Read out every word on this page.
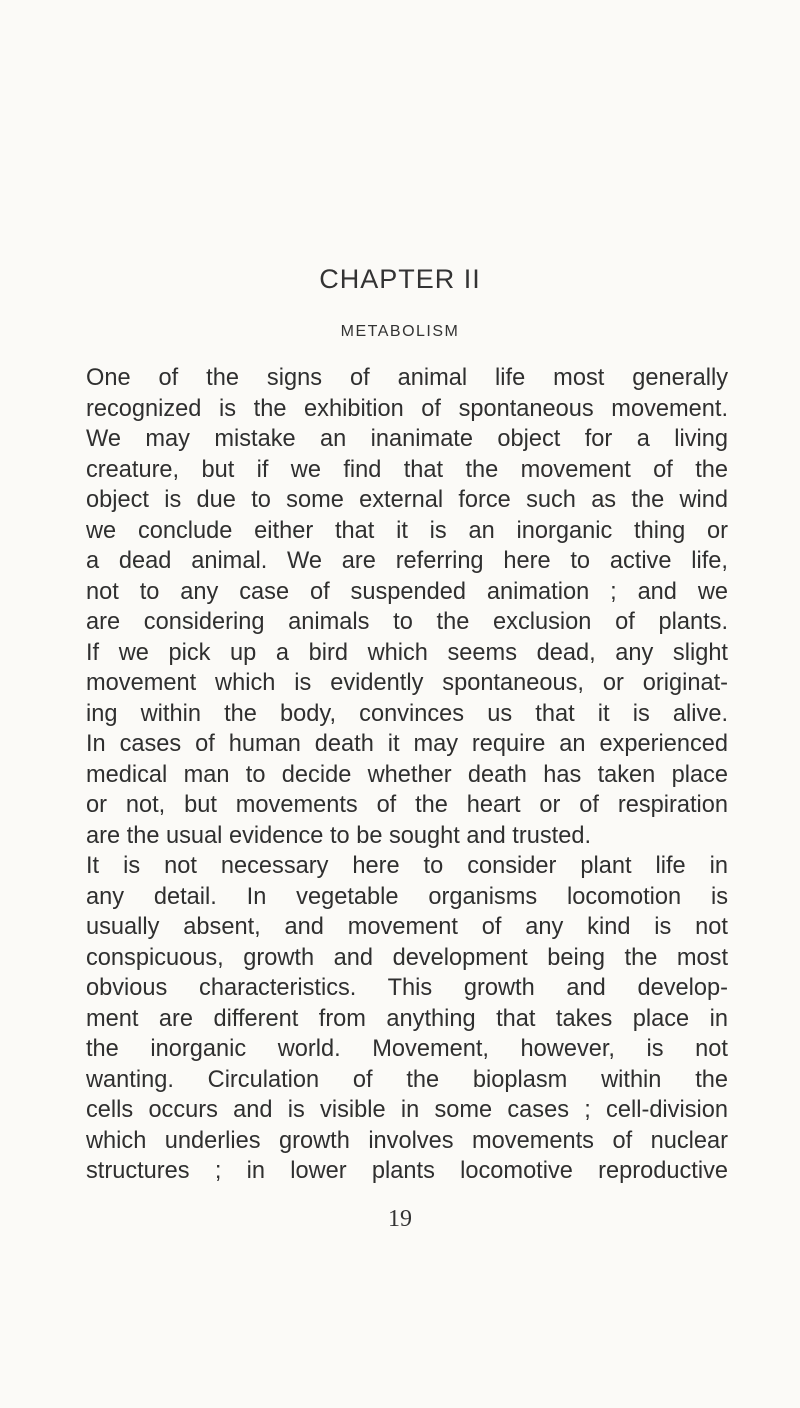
CHAPTER II
METABOLISM
One of the signs of animal life most generally
recognized is the exhibition of spontaneous movement.
We may mistake an inanimate object for a living
creature, but if we find that the movement of the
object is due to some external force such as the wind
we conclude either that it is an inorganic thing or
a dead animal. We are referring here to active life,
not to any case of suspended animation ; and we
are considering animals to the exclusion of plants.
If we pick up a bird which seems dead, any slight
movement which is evidently spontaneous, or originat-
ing within the body, convinces us that it is alive.
In cases of human death it may require an experienced
medical man to decide whether death has taken place
or not, but movements of the heart or of respiration
are the usual evidence to be sought and trusted.
It is not necessary here to consider plant life in
any detail. In vegetable organisms locomotion is
usually absent, and movement of any kind is not
conspicuous, growth and development being the most
obvious characteristics. This growth and develop-
ment are different from anything that takes place in
the inorganic world. Movement, however, is not
wanting. Circulation of the bioplasm within the
cells occurs and is visible in some cases ; cell-division
which underlies growth involves movements of nuclear
structures ; in lower plants locomotive reproductive
19
